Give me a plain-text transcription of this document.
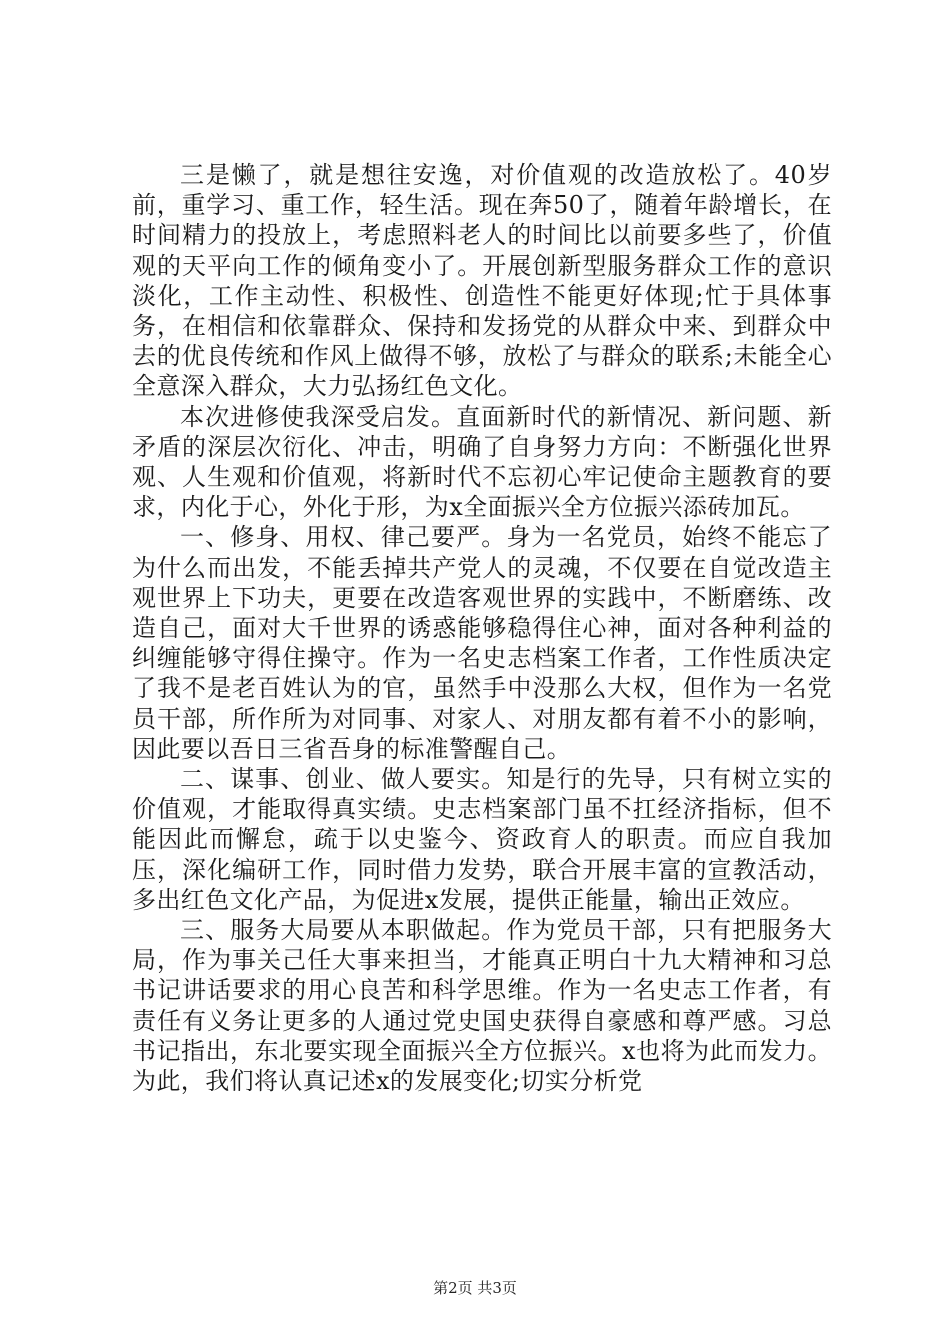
三是懒了，就是想往安逸，对价值观的改造放松了。40岁前，重学习、重工作，轻生活。现在奔50了，随着年龄增长，在时间精力的投放上，考虑照料老人的时间比以前要多些了，价值观的天平向工作的倾角变小了。开展创新型服务群众工作的意识淡化，工作主动性、积极性、创造性不能更好体现;忙于具体事务，在相信和依靠群众、保持和发扬党的从群众中来、到群众中去的优良传统和作风上做得不够，放松了与群众的联系;未能全心全意深入群众，大力弘扬红色文化。

本次进修使我深受启发。直面新时代的新情况、新问题、新矛盾的深层次衍化、冲击，明确了自身努力方向：不断强化世界观、人生观和价值观，将新时代不忘初心牢记使命主题教育的要求，内化于心，外化于形，为x全面振兴全方位振兴添砖加瓦。

一、修身、用权、律己要严。身为一名党员，始终不能忘了为什么而出发，不能丢掉共产党人的灵魂，不仅要在自觉改造主观世界上下功夫，更要在改造客观世界的实践中，不断磨练、改造自己，面对大千世界的诱惑能够稳得住心神，面对各种利益的纠缠能够守得住操守。作为一名史志档案工作者，工作性质决定了我不是老百姓认为的官，虽然手中没那么大权，但作为一名党员干部，所作所为对同事、对家人、对朋友都有着不小的影响，因此要以吾日三省吾身的标准警醒自己。

二、谋事、创业、做人要实。知是行的先导，只有树立实的价值观，才能取得真实绩。史志档案部门虽不扛经济指标，但不能因此而懈怠，疏于以史鉴今、资政育人的职责。而应自我加压，深化编研工作，同时借力发势，联合开展丰富的宣教活动，多出红色文化产品，为促进x发展，提供正能量，输出正效应。

三、服务大局要从本职做起。作为党员干部，只有把服务大局，作为事关己任大事来担当，才能真正明白十九大精神和习总书记讲话要求的用心良苦和科学思维。作为一名史志工作者，有责任有义务让更多的人通过党史国史获得自豪感和尊严感。习总书记指出，东北要实现全面振兴全方位振兴。x也将为此而发力。为此，我们将认真记述x的发展变化;切实分析党

第2页 共3页
